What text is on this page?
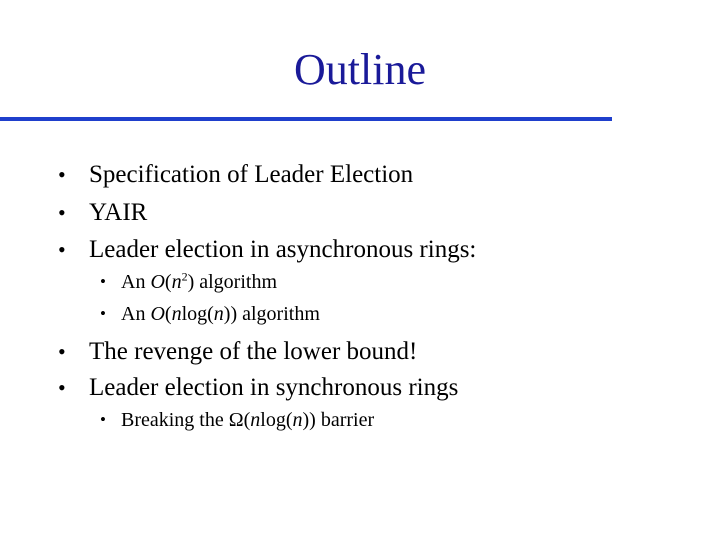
Outline
• Specification of Leader Election
• YAIR
• Leader election in asynchronous rings:
• An $O(n^2)$ algorithm
• An O(nlog(n)) algorithm
• The revenge of the lower bound!
• Leader election in synchronous rings
• Breaking the Ω(nlog(n)) barrier
